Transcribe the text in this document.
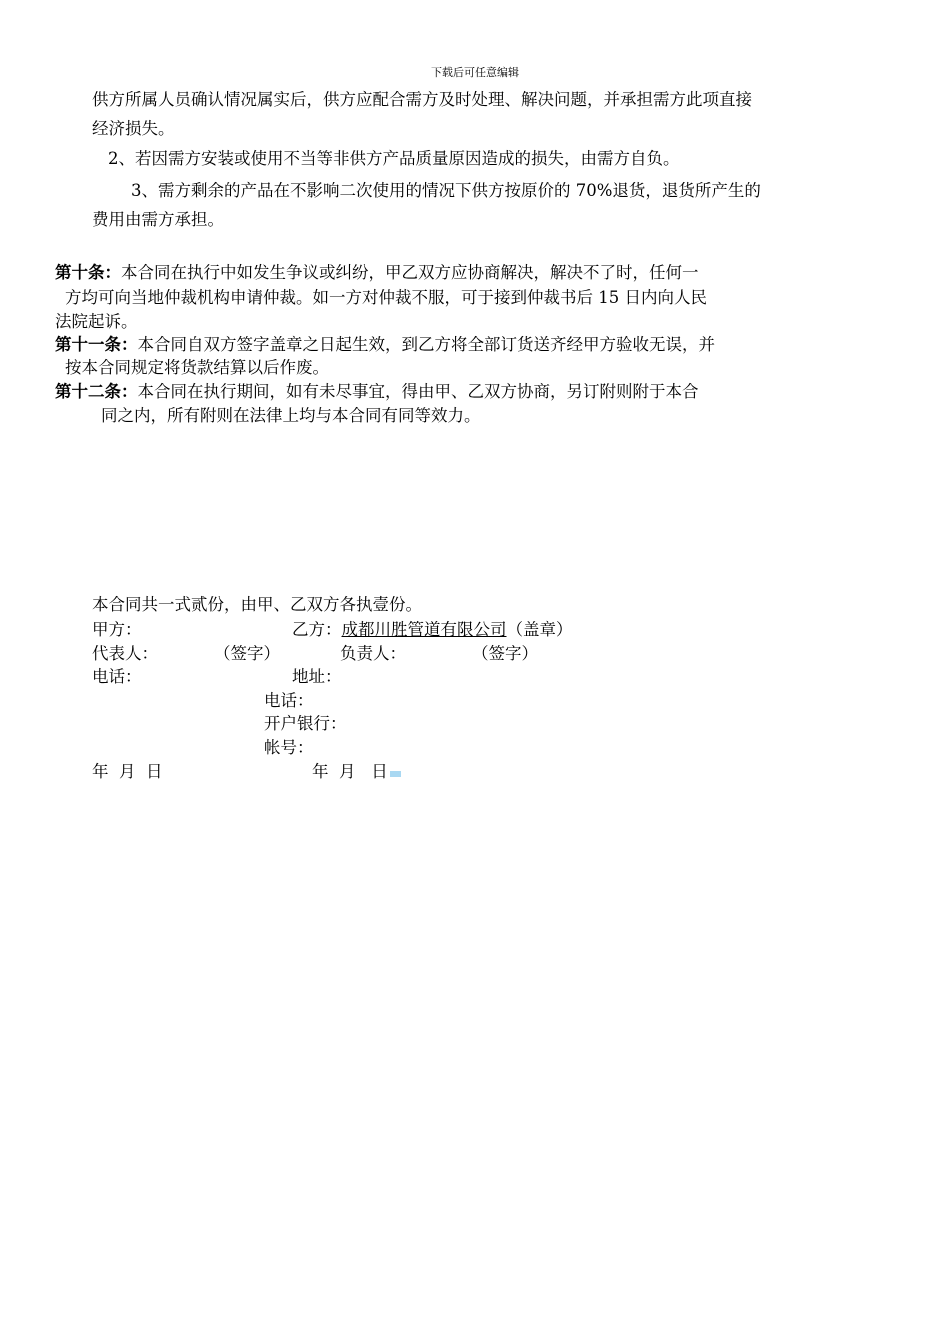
下载后可任意编辑
供方所属人员确认情况属实后，供方应配合需方及时处理、解决问题，并承担需方此项直接
经济损失。
2、若因需方安装或使用不当等非供方产品质量原因造成的损失，由需方自负。
3、需方剩余的产品在不影响二次使用的情况下供方按原价的 70%退货，退货所产生的
费用由需方承担。
第十条：本合同在执行中如发生争议或纠纷，甲乙双方应协商解决，解决不了时，任何一
方均可向当地仲裁机构申请仲裁。如一方对仲裁不服，可于接到仲裁书后 15 日内向人民
法院起诉。
第十一条：本合同自双方签字盖章之日起生效，到乙方将全部订货送齐经甲方验收无误，并
按本合同规定将货款结算以后作废。
第十二条：本合同在执行期间，如有未尽事宜，得由甲、乙双方协商，另订附则附于本合
同之内，所有附则在法律上均与本合同有同等效力。
本合同共一式贰份，由甲、乙双方各执壹份。
甲方：	乙方：成都川胜管道有限公司（盖章）
代表人：	（签字）	负责人：	（签字）
电话：	地址：
电话：
开户银行：
帐号：
年  月  日	年  月   日
